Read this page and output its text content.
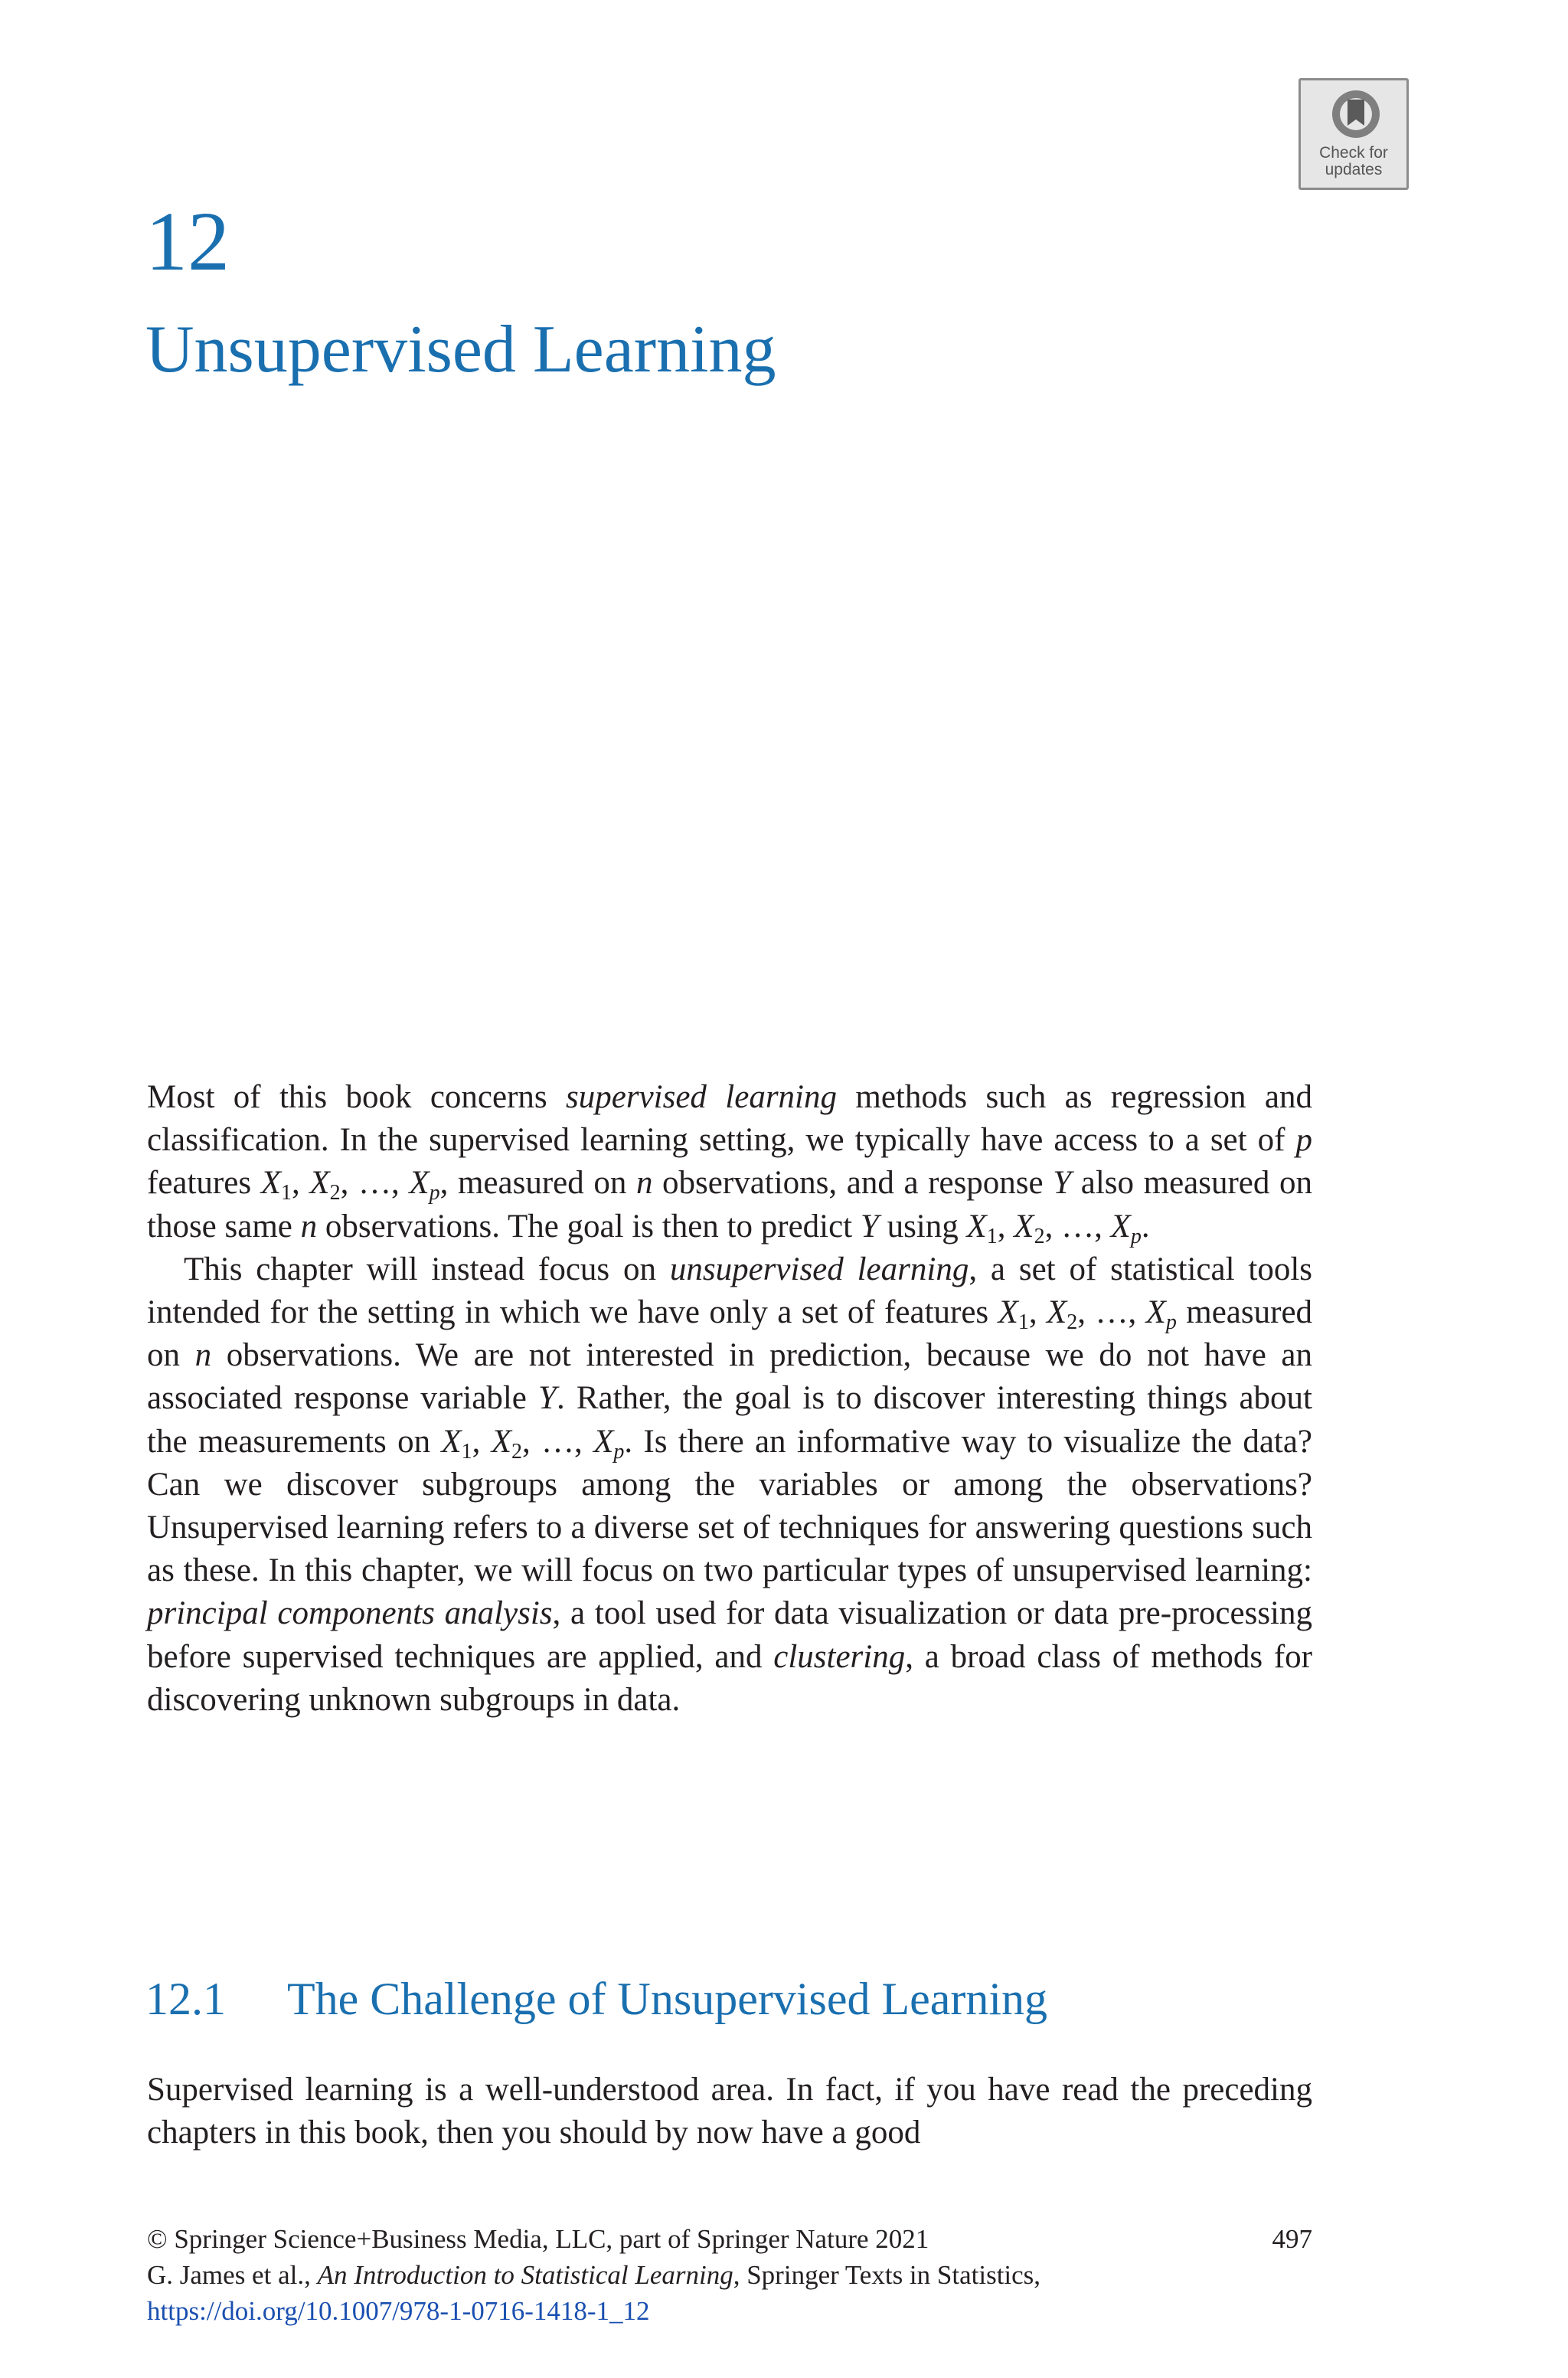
Check for
updates
12
Unsupervised Learning

Most of this book concerns supervised learning methods such as regression and classification. In the supervised learning setting, we typically have access to a set of p features $X_1$, $X_2$, …, $X_p$, measured on n observations, and a response Y also measured on those same n observations. The goal is then to predict Y using $X_1$, $X_2$, …, $X_p$.

This chapter will instead focus on unsupervised learning, a set of statistical tools intended for the setting in which we have only a set of features $X_1$, $X_2$, …, $X_p$ measured on n observations. We are not interested in prediction, because we do not have an associated response variable Y. Rather, the goal is to discover interesting things about the measurements on $X_1$, $X_2$, …, $X_p$. Is there an informative way to visualize the data? Can we discover subgroups among the variables or among the observations? Unsupervised learning refers to a diverse set of techniques for answering questions such as these. In this chapter, we will focus on two particular types of unsupervised learning: principal components analysis, a tool used for data visualization or data pre-processing before supervised techniques are applied, and clustering, a broad class of methods for discovering unknown subgroups in data.

12.1 The Challenge of Unsupervised Learning

Supervised learning is a well-understood area. In fact, if you have read the preceding chapters in this book, then you should by now have a good

© Springer Science+Business Media, LLC, part of Springer Nature 2021	497
G. James et al., An Introduction to Statistical Learning, Springer Texts in Statistics,
https://doi.org/10.1007/978-1-0716-1418-1_12
